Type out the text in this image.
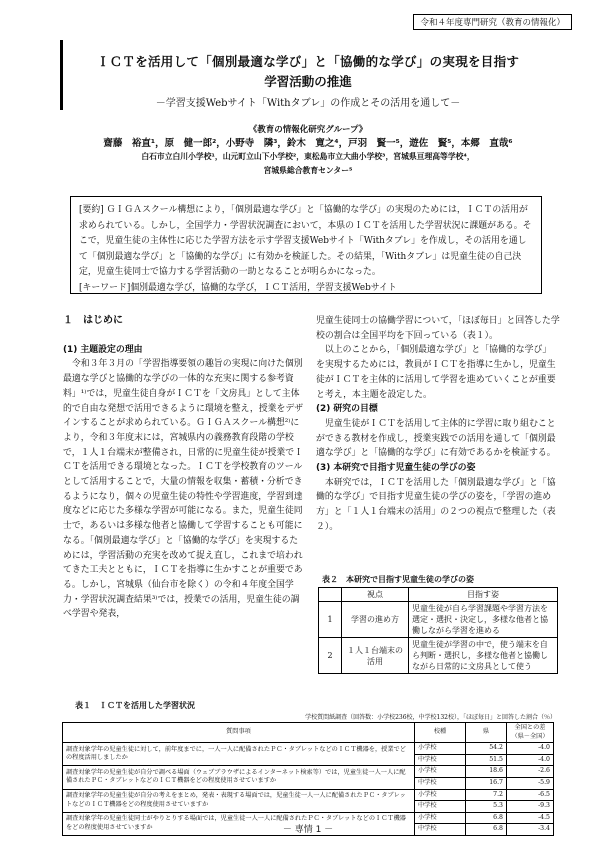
令和４年度専門研究（教育の情報化）
ＩＣＴを活用して「個別最適な学び」と「協働的な学び」の実現を目指す
学習活動の推進
－学習支援Webサイト「Withタブレ」の作成とその活用を通して－
《教育の情報化研究グループ》
齋藤　裕直¹，原　健一郎²，小野寺　隣³，鈴木　寛之⁴，戸羽　賢一⁵，遊佐　賢⁵，本郷　直哉⁶
白石市立白川小学校¹，山元町立山下小学校²，東松島市立大曲小学校³，宮城県亘理高等学校⁴，
宮城県総合教育センター⁵
[要約] ＧＩＧＡスクール構想により，「個別最適な学び」と「協働的な学び」の実現のためには，ＩＣＴの活用が求められている。しかし，全国学力・学習状況調査において，本県のＩＣＴを活用した学習状況に課題がある。そこで，児童生徒の主体性に応じた学習方法を示す学習支援Webサイト「Withタブレ」を作成し，その活用を通して「個別最適な学び」と「協働的な学び」に有効かを検証した。その結果，「Withタブレ」は児童生徒の自己決定，児童生徒同士で協力する学習活動の一助となることが明らかになった。
[キーワード]個別最適な学び，協働的な学び，ＩＣＴ活用，学習支援Webサイト
１　はじめに
(1) 主題設定の理由

令和３年３月の「学習指導要領の趣旨の実現に向けた個別最適な学びと協働的な学びの一体的な充実に関する参考資料」¹⁾では，児童生徒自身がＩＣＴを「文房具」として主体的で自由な発想で活用できるように環境を整え，授業をデザインすることが求められている。ＧＩＧＡスクール構想²⁾により，令和３年度末には，宮城県内の義務教育段階の学校で，１人１台端末が整備され，日常的に児童生徒が授業でＩＣＴを活用できる環境となった。ＩＣＴを学校教育のツールとして活用することで，大量の情報を収集・蓄積・分析できるようになり，個々の児童生徒の特性や学習進度，学習到達度などに応じた多様な学習が可能になる。また，児童生徒同士で，あるいは多様な他者と協働して学習することも可能になる。「個別最適な学び」と「協働的な学び」を実現するためには，学習活動の充実を改めて捉え直し，これまで培われてきた工夫とともに，ＩＣＴを指導に生かすことが重要である。しかし，宮城県（仙台市を除く）の令和４年度全国学力・学習状況調査結果³⁾では，授業での活用，児童生徒の調べ学習や発表，

児童生徒同士の協働学習について，「ほぼ毎日」と回答した学校の割合は全国平均を下回っている（表１）。

以上のことから，「個別最適な学び」と「協働的な学び」を実現するためには，教員がＩＣＴを指導に生かし，児童生徒がＩＣＴを主体的に活用して学習を進めていくことが重要と考え，本主題を設定した。

(2) 研究の目標

児童生徒がＩＣＴを活用して主体的に学習に取り組むことができる教材を作成し，授業実践での活用を通して「個別最適な学び」と「協働的な学び」に有効であるかを検証する。

(3) 本研究で目指す児童生徒の学びの姿

本研究では，ＩＣＴを活用した「個別最適な学び」と「協働的な学び」で目指す児童生徒の学びの姿を，「学習の進め方」と「１人１台端末の活用」の２つの視点で整理した（表２）。

表２　本研究で目指す児童生徒の学びの姿
	視点	目指す姿
1	学習の進め方	児童生徒が自ら学習課題や学習方法を選定・選択・決定し，多様な他者と協働しながら学習を進める
2	１人１台端末の活用	児童生徒が学習の中で，使う端末を自ら判断・選択し，多様な他者と協働しながら日常的に文房具として使う
表１　ＩＣＴを活用した学習状況
学校質問紙調査（回答数：小学校236校，中学校132校），「ほぼ毎日」と回答した割合（％）
質問事項	校種	県	全国との差（県－全国）
調査対象学年の児童生徒に対して，前年度までに，一人一人に配備されたＰＣ・タブレットなどのＩＣＴ機器を，授業でどの程度活用しましたか	小学校	54.2	-4.0
	中学校	51.5	-4.0
調査対象学年の児童生徒が自分で調べる場面（ウェブブラウザによるインターネット検索等）では，児童生徒一人一人に配備されたＰＣ・タブレットなどのＩＣＴ機器をどの程度使用させていますか	小学校	18.6	-2.6
	中学校	16.7	-5.9
調査対象学年の児童生徒が自分の考えをまとめ，発表・表現する場面では，児童生徒一人一人に配備されたＰＣ・タブレットなどのＩＣＴ機器をどの程度使用させていますか	小学校	7.2	-6.5
	中学校	5.3	-9.3
調査対象学年の児童生徒同士がやりとりする場面では，児童生徒一人一人に配備されたＰＣ・タブレットなどのＩＣＴ機器をどの程度使用させていますか	小学校	6.8	-4.5
	中学校	6.8	-3.4
－ 専情 1 －
